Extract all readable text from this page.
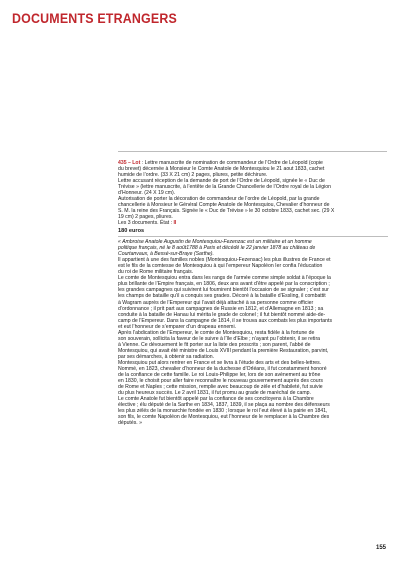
DOCUMENTS ETRANGERS

435 – Lot : Lettre manuscrite de nomination de commandeur de l’Ordre de Léopold (copie
du brevet) décernée à Monsieur le Comte Anatole de Montesquiou le 21 aout 1833, cachet
humide de l’ordre. (33 X 21 cm) 2 pages, pliures, petite déchirure.
Lettre accusant réception de la demande de port de l’Ordre de Léopold, signée le « Duc de
Trévise » (lettre manuscrite, à l’entête de la Grande Chancellerie de l’Ordre royal de la Légion
d’Honneur. (24 X 19 cm).
Autorisation de porter la décoration de commandeur de l’ordre de Léopold, par la grande
chancellerie à Monsieur le Général Compte Anatole de Montesquiou, Chevalier d’honneur de
S. M. la reine des Français. Signée le « Duc de Trévise » le 30 octobre 1833, cachet sec. (29 X
19 cm) 2 pages, pliures.
Les 3 documents. État : II

180 euros

« Ambroise Anatole Augustin de Montesquiou-Fezenzac est un militaire et un homme
politique français, né le 8 août1788 à Paris et décédé le 22 janvier 1878 au château de
Courtanvaux, à Bessé-sur-Braye (Sarthe).

Il appartient à une des familles nobles (Montesquiou-Fezensac) les plus illustres de France et
est le fils de la comtesse de Montesquiou à qui l’empereur Napoléon Ier confia l’éducation
du roi de Rome militaire français.

Le comte de Montesquiou entra dans les rangs de l’armée comme simple soldat à l’époque la
plus brillante de l’Empire français, en 1806, deux ans avant d’être appelé par la conscription ;
les grandes campagnes qui suivirent lui fournirent bientôt l’occasion de se signaler ; c’est sur
les champs de bataille qu’il a conquis ses grades. Décoré à la bataille d’Essling, il combattit
à Wagram auprès de l’Empereur qui l’avait déjà attaché à sa personne comme officier
d’ordonnance ; il prit part aux campagnes de Russie en 1812, et d’Allemagne en 1813 ; sa
conduite à la bataille de Hanau lui mérita le grade de colonel ; il fut bientôt nommé aide-de-
camp de l’Empereur. Dans la campagne de 1814, il se trouva aux combats les plus importants
et eut l’honneur de s’emparer d’un drapeau ennemi.

Après l’abdication de l’Empereur, le comte de Montesquiou, resta fidèle à la fortune de
son souverain, sollicita la faveur de le suivre à l’île d’Elbe ; n’ayant pu l’obtenir, il se retira
à Vienne. Ce dévouement le fit porter sur la liste des proscrits ; son parent, l’abbé de
Montesquiou, qui avait été ministre de Louis XVIII pendant la première Restauration, parvint,
par ses démarches, à obtenir sa radiation.
Montesquiou put alors rentrer en France et se livra à l’étude des arts et des belles-lettres.
Nommé, en 1823, chevalier d’honneur de la duchesse d’Orléans, il fut constamment honoré
de la confiance de cette famille. Le roi Louis-Philippe Ier, lors de son avènement au trône
en 1830, le choisit pour aller faire reconnaître le nouveau gouvernement auprès des cours
de Rome et Naples ; cette mission, remplie avec beaucoup de zèle et d’habileté, fut suivie
du plus heureux succès. Le 2 avril 1831, il fut promu au grade de maréchal de camp.
Le comte Anatole fut bientôt appelé par la confiance de ses concitoyens à la Chambre
élective ; élu député de la Sarthe en 1834, 1837, 1839, il se plaça au nombre des défenseurs
les plus zélés de la monarchie fondée en 1830 ; lorsque le roi l’eut élevé à la pairie en 1841,
son fils, le comte Napoléon de Montesquiou, eut l’honneur de le remplacer à la Chambre des
députés. »

155
